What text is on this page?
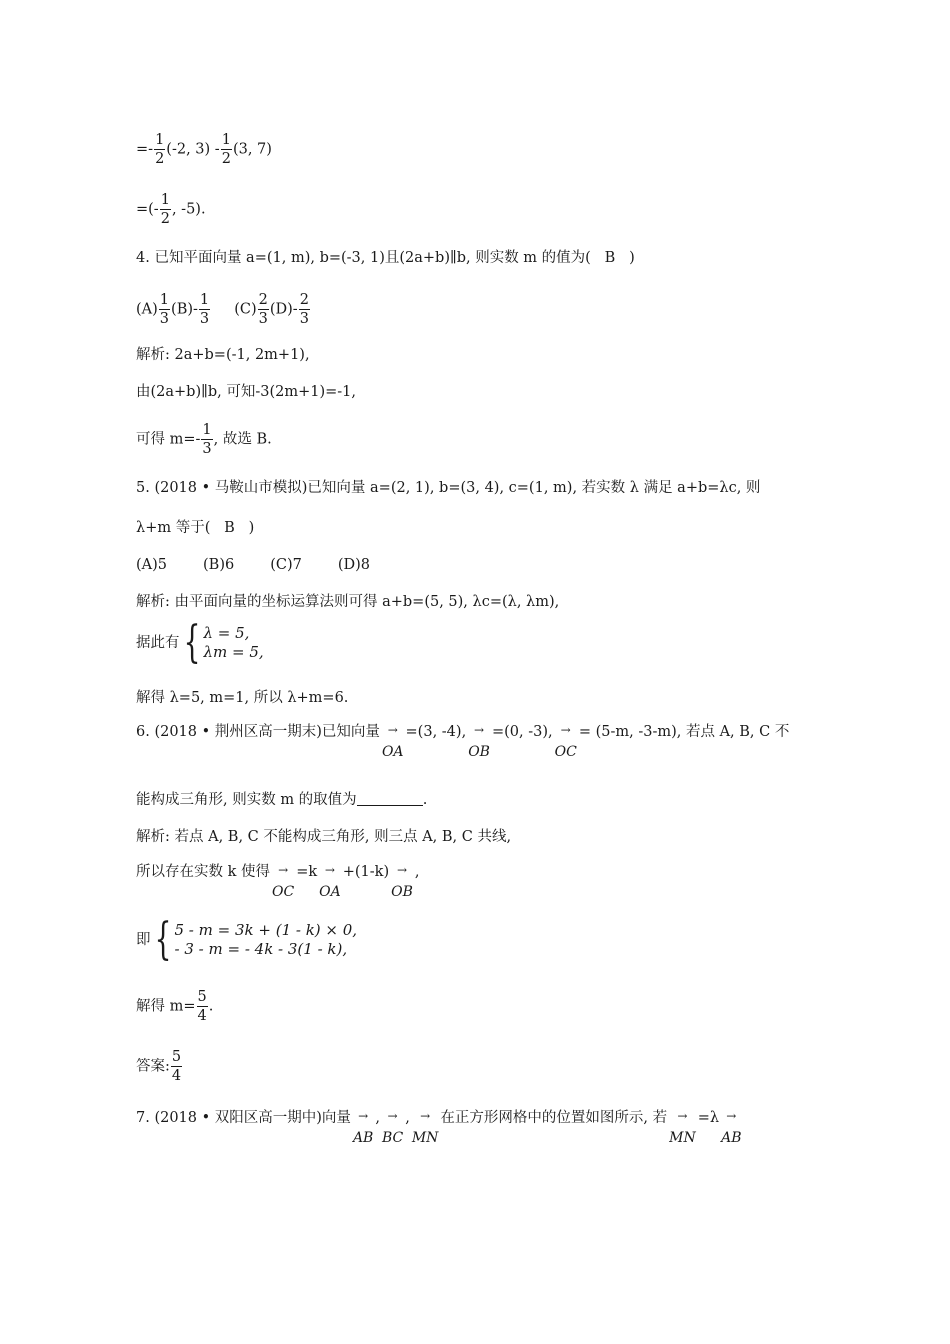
=- $\frac{1}{2} (-2$, $3) - \frac{1}{2} (3$, 7)
=(- $\frac{1}{2}$ , -5).
4. 已知平面向量 a=(1, m), b=(-3, 1)且(2a+b)∥b, 则实数 m 的值为(   B   )
$(A) \frac{1}{3} (B)- \frac{1}{3} (C) \frac{2}{3} (D)- \frac{2}{3}$
解析: 2a+b=(-1, 2m+1),
由(2a+b)∥b, 可知-3(2m+1)=-1,
可得 $m=- \frac{1}{3}$ , 故选 B.
5. (2018 • 马鞍山市模拟)已知向量 a=(2, 1), b=(3, 4), c=(1, m), 若实数 λ 满足 a+b=λc, 则
λ+m 等于(   B   )
(A)5 (B)6 (C)7 (D)8
解析: 由平面向量的坐标运算法则可得 a+b=(5, 5), λc=(λ, λm),
据此有{ λ = 5,
λm = 5,
解得 λ=5, m=1, 所以 λ+m=6.
6. (2018 • 荆州区高一期末)已知向量 →
OA
=(3, -4), →
OB
=(0, -3), →
OC
= (5-m, -3-m), 若点 A, B, C 不
能构成三角形, 则实数 m 的取值为	.
解析: 若点 A, B, C 不能构成三角形, 则三点 A, B, C 共线,
所以存在实数 k 使得 →
OC
=k →
OA
+(1-k) →
OB
,
即{ 5 - m = 3k + (1 - k) × 0,
- 3 - m = - 4k - 3(1 - k),
解得 $m= \frac{5}{4}$ .
答案: $\frac{5}{4}$
7. (2018 • 双阳区高一期中)向量 →
AB
, →
BC
, →
MN
在正方形网格中的位置如图所示, 若 →
MN
=λ →
AB
